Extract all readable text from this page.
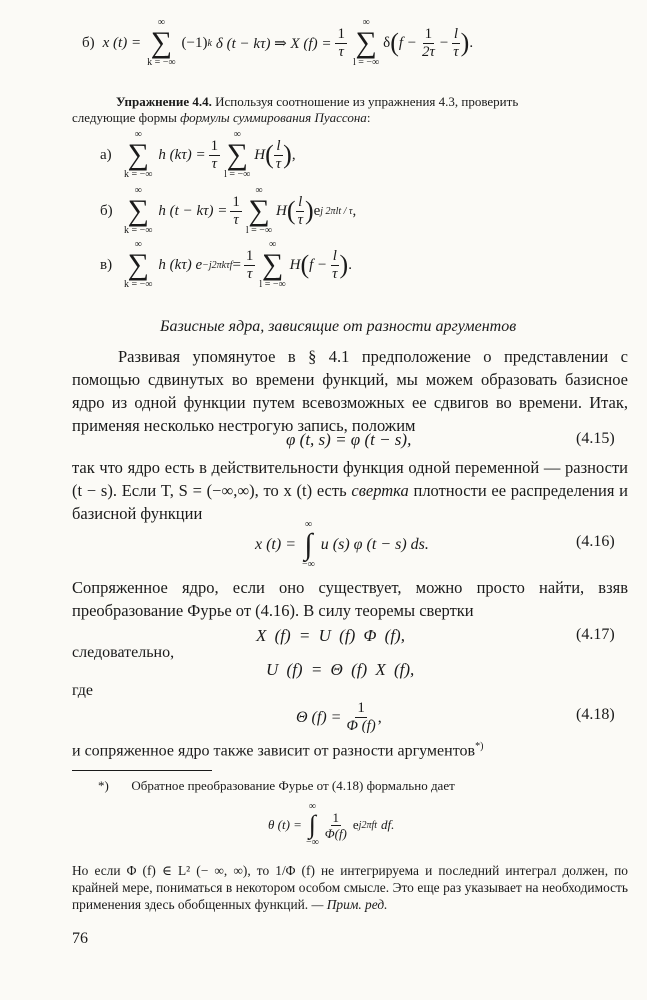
б) x (t) =
∞
∑
k = −∞
(−1) k δ (t − kτ) ⇒ X $(f) = \frac{1}{\tau}$
∞
∑
l = −∞
δ ( $f - \frac{1}{2\tau} - \frac{l}{\tau}$ ) .
Упражнение 4.4. Используя соотношение из упражнения 4.3, проверить
следующие формы формулы суммирования Пуассона:
а)
∞
∑
k = −∞
h $(k\tau) = \frac{1}{\tau}$
∞
∑
l = −∞
H ( $\frac{l}{\tau}$ ) ,
б)
∞
∑
k = −∞
h $(t - k\tau) = \frac{1}{\tau}$
∞
∑
l = −∞
H ( $\frac{l}{\tau}$ ) e j 2πlt / τ ,
в)
∞
∑
k = −∞
h (kτ) $e -j2\pi k\tau f = \frac{1}{\tau}$
∞
∑
l = −∞
H ( $f - \frac{l}{\tau}$ ) .
Базисные ядра, зависящие от разности аргументов
Развивая упомянутое в § 4.1 предположение о представлении с помощью сдвинутых во времени функций, мы можем образовать базисное ядро из одной функции путем всевозможных ее сдвигов во времени. Итак, применяя несколько нестрогую запись, положим
φ (t, s) = φ (t − s),	(4.15)
так что ядро есть в действительности функция одной переменной — разности (t − s). Если T, S = (−∞,∞), то x (t) есть свертка плотности ее распределения и базисной функции
x (t) =
∞
∫
−∞
u (s) φ (t − s) ds.	(4.16)
Сопряженное ядро, если оно существует, можно просто найти, взяв преобразование Фурье от (4.16). В силу теоремы свертки
X (f) = U (f) Φ (f),	(4.17)
следовательно,
U (f) = Θ (f) X (f),
где
Θ $(f) = \frac{1}{\Phi (f)}$ ,	(4.18)
и сопряженное ядро также зависит от разности аргументов*)
*) Обратное преобразование Фурье от (4.18) формально дает
θ (t) =
∞
∫
−∞
$\frac{1}{\Phi(f)}$ e j2πft df.
Но если Φ (f) ∈ L² (− ∞, ∞), то 1/Φ (f) не интегрируема и последний интеграл должен, по крайней мере, пониматься в некотором особом смысле. Это еще раз указывает на необходимость применения здесь обобщенных функций. — Прим. ред.
76
